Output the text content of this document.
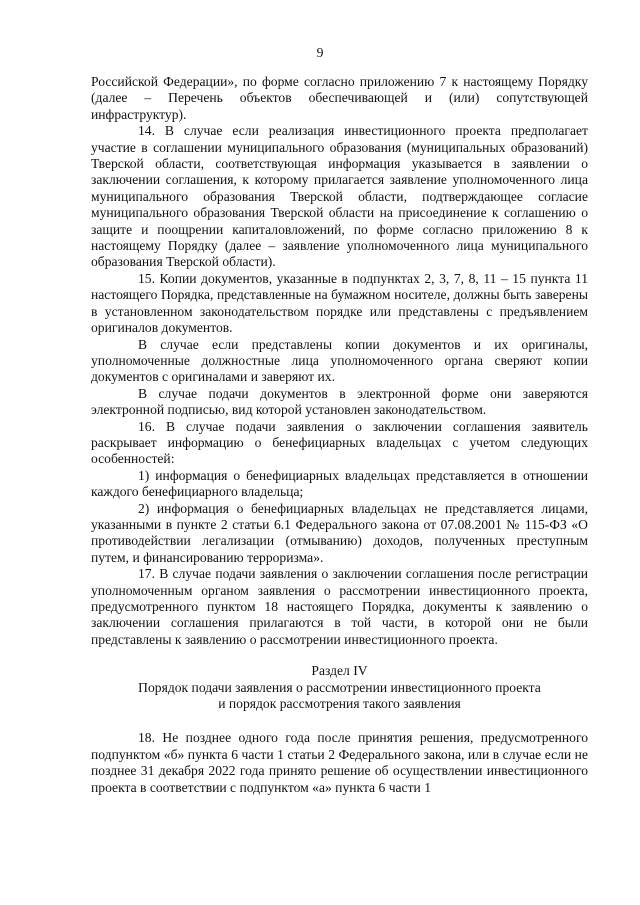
9

Российской Федерации», по форме согласно приложению 7 к настоящему Порядку (далее – Перечень объектов обеспечивающей и (или) сопутствующей инфраструктур).

14. В случае если реализация инвестиционного проекта предполагает участие в соглашении муниципального образования (муниципальных образований) Тверской области, соответствующая информация указывается в заявлении о заключении соглашения, к которому прилагается заявление уполномоченного лица муниципального образования Тверской области, подтверждающее согласие муниципального образования Тверской области на присоединение к соглашению о защите и поощрении капиталовложений, по форме согласно приложению 8 к настоящему Порядку (далее – заявление уполномоченного лица муниципального образования Тверской области).

15. Копии документов, указанные в подпунктах 2, 3, 7, 8, 11 – 15 пункта 11 настоящего Порядка, представленные на бумажном носителе, должны быть заверены в установленном законодательством порядке или представлены с предъявлением оригиналов документов.

В случае если представлены копии документов и их оригиналы, уполномоченные должностные лица уполномоченного органа сверяют копии документов с оригиналами и заверяют их.

В случае подачи документов в электронной форме они заверяются электронной подписью, вид которой установлен законодательством.

16. В случае подачи заявления о заключении соглашения заявитель раскрывает информацию о бенефициарных владельцах с учетом следующих особенностей:

1) информация о бенефициарных владельцах представляется в отношении каждого бенефициарного владельца;

2) информация о бенефициарных владельцах не представляется лицами, указанными в пункте 2 статьи 6.1 Федерального закона от 07.08.2001 № 115-ФЗ «О противодействии легализации (отмыванию) доходов, полученных преступным путем, и финансированию терроризма».

17. В случае подачи заявления о заключении соглашения после регистрации уполномоченным органом заявления о рассмотрении инвестиционного проекта, предусмотренного пунктом 18 настоящего Порядка, документы к заявлению о заключении соглашения прилагаются в той части, в которой они не были представлены к заявлению о рассмотрении инвестиционного проекта.

Раздел IV

Порядок подачи заявления о рассмотрении инвестиционного проекта

и порядок рассмотрения такого заявления

18. Не позднее одного года после принятия решения, предусмотренного подпунктом «б» пункта 6 части 1 статьи 2 Федерального закона, или в случае если не позднее 31 декабря 2022 года принято решение об осуществлении инвестиционного проекта в соответствии с подпунктом «а» пункта 6 части 1
